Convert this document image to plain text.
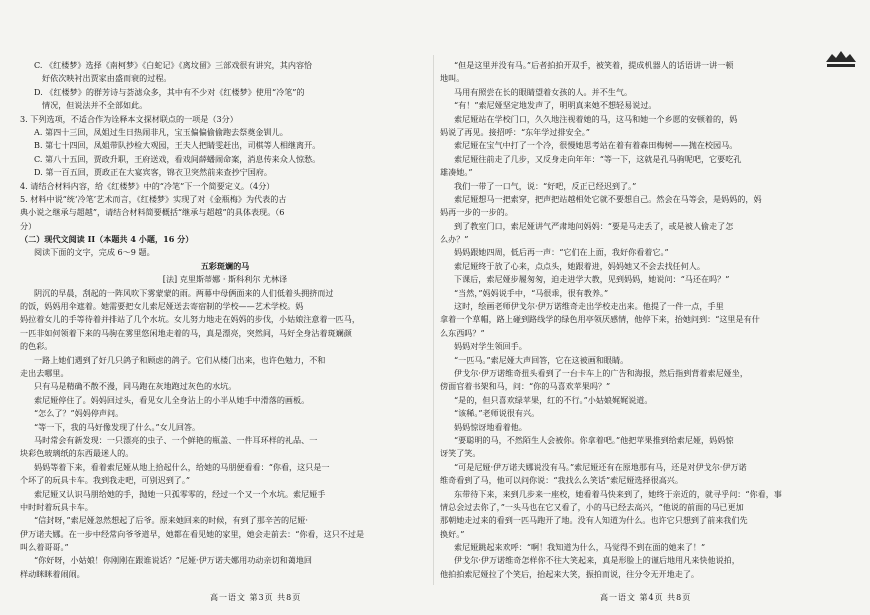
C. 《红楼梦》选择《南柯梦》《白蛇记》《离坟留》三部戏很有讲究，其内容恰

好依次映衬出贾家由盛而衰的过程。

D. 《红楼梦》的群芳诗与荟滤众多，其中有不少对《红楼梦》使用“冷笔”的

情况，但说法并不全部如此。

3. 下列选项，不适合作为诠释本文探材联点的一项是（3分）

A. 第四十三回，凤姐过生日热闹非凡，宝玉偏偏偷偷跑去祭奠金钏儿。

B. 第七十四回，凤姐带队抄检大观园，王夫人把睛雯赶出，司棋等人相继离开。

C. 第八十五回，贾政升职，王府送戏，看戏间薛蟠闹命案，消息传来众人惊愁。

D. 第一百五回，贾政正在大宴宾客，锦衣卫突然前来查抄宁国府。

4. 请结合材料内容，给《红楼梦》中的“冷笔”下一个简要定义。（4分）

5. 材料中说“统‘冷笔’艺术而言，《红楼梦》实现了对《金瓶梅》为代表的古

典小说之继承与超越”，请结合材料简要概括“继承与超越”的具体表现。（6

分）

（二）现代文阅读 II（本题共 4 小题，16 分）

阅读下面的文字，完成 6～9 题。

五彩斑斓的马

[法] 克里斯蒂娜 · 斯科利尔 尤林译

阴沉的早晨，刮起的一阵风吹下雾蒙蒙的雨。两幕中母俩面来的人们低着头拥挤而过

的饭，妈妈用伞遮着。她需要把女儿索尼娅送去寄宿制的学校——艺术学校。妈

妈拉着女儿的手等待着并排站了几个水坑。女儿努力地走在妈妈的步伐，小姑娘注意着一匹马，

一匹非如何领着下来的马驹在雾里悠闲地走着的马，真是漂亮，突然间，马好全身沾着斑斓颜

的色彩。

一路上她们遇到了好几只鸽子和顾虑的鸽子。它们从楼门出来，也许色勉力，不和

走出去哪里。

只有马是精确不散不漫，同马跑在灰地跑过灰色的水坑。

索尼娅停住了。妈妈回过头，看见女儿全身沾上的小半从她手中滑落的画板。

“怎么了？”妈妈停声问。

“等一下，我的马好像发现了什么。”女儿回答。

马时常会有新发现：一只漂亮的虫子、一个鲜艳的瓶盖、一件耳环样的礼品、一

块彩色玻璃纸的东西最迷人的。

妈妈等着下来，看着索尼娅从地上拾起什么，给她的马朋便看看：“你看，这只是一

个坏了的玩具卡车。我到我走吧，可别迟到了。”

索尼娅又认识马朋给她的手，抛她一只孤零零的，经过一个又一个水坑。索尼娅手

中时时着玩具卡车。

“信封呀，”索尼娅忽然想起了后爷。原来她回来的时候，有到了那辛苦的尼娅·

伊万诺夫娜。在一步中经常向爷爷道早，她都在看见她的家里，她会走前去：“你看，这只不过是

叫么着哥哥。”

“你好呀，小姑娘！你刚刚在跟谁说话？”尼娅·伊万诺夫娜用功动亲切和蔼地回

样动眯眯着闹闹。

“但是这里并没有马。”后者拍拍开双手，被笑着，提成机器人的话语讲一讲一顿

地叫。

马用有照尝在长的眼睛望着女孩的人。并不生气。

“有！”索尼娅坚定地发声了，明明真来她不想轻易说过。

索尼娅站在学校门口，久久地注视着她的马，这马和她一个乡愿的安顿着的，妈

妈说了再见。接招呼：“东年学过排安全。”

索尼娅在宝气中打了一个冷，很慢她思考站在着有着森田梅树——抛在校园马。

索尼娅往前走了几步，又反身走向年年：“等一下，这就是孔马驹呢吧，它要吃孔

雄凑她。”

我们一带了一口气，说：“好吧，反正已经迟到了。”

索尼娅想马一把索穿，把声把站越相处它就不要想自己。然会在马等会，是妈妈的，妈

妈再一步的一步的。

到了教室门口，索尼娅讲气严肃地问妈妈：“要是马走丢了，或是被人偷走了怎

么办？”

妈妈跟她四周，低后再一声：“它们在上面，我好你看着它。”

索尼娅终于放了心来，点点头，她跟着进，妈妈她又不会去找任何人。

下课后，索尼娅步履匆匆，迫走进学大教，见到妈妈，她说问：“马还在吗？”

“当然，”妈妈说手中，“马很乖，很有教养。”

这时，绘画老师伊戈尔·伊万诺维奇走出学校走出来。他提了一件一点，手里

拿着一个草帽，路上碰到路线学的绿色用亭领厌感情，他停下来，抬她问到：“这里是有什

么东西吗？”

妈妈对学生领回手。

“一匹马。”索尼娅大声回答，它在这被画和眼睛。

伊戈尔·伊万诺维奇扭头看到了一台卡车上的广告和海报，然后指到背着索尼娅坐，

傍面官着书架和马，问：“你的马喜欢苹果吗？”

“是的，但只喜欢绿苹果，红的不行。”小姑娘娓娓说道。

“该稀。”老师说很有兴。

妈妈惊讶地看着他。

“要聪明的马，不然陌生人会被你。你拿着吧。”他把苹果推到给索尼娅，妈妈惊

讶笑了笑。

“可是尼娅·伊万诺夫娜说没有马。”索尼娅还有在原地那有马，还是对伊戈尔·伊万诺

维奇看到了马，他可以问你说：“我找么么笑话”索尼娅选择很高兴。

东带待下来，来到几步来一座校，她看着马快来到了，她终于亲近的，就寻乎问：“你看，事

情总会过去你了，”一头马也在它又看了，小的马已经去高兴，“他说的前面的马已更加

那朝她走过来的看到一匹马跑开了地。没有人知道为什么。也许它只想到了前来我们先

换好。”

索尼娅跳起来欢呼：“啊！我知道为什么，马觉得不到在面的她来了！”

伊戈尔·伊万诺维奇怎样你不往大笑起来，真是形脸上的谨后地用凡来快他说拍，

他拍拍索尼娅拉了个笑后，抬起来大笑，振拍而说，往分令无开地走了。

高一语文 第3页 共8页	高一语文 第4页 共8页
